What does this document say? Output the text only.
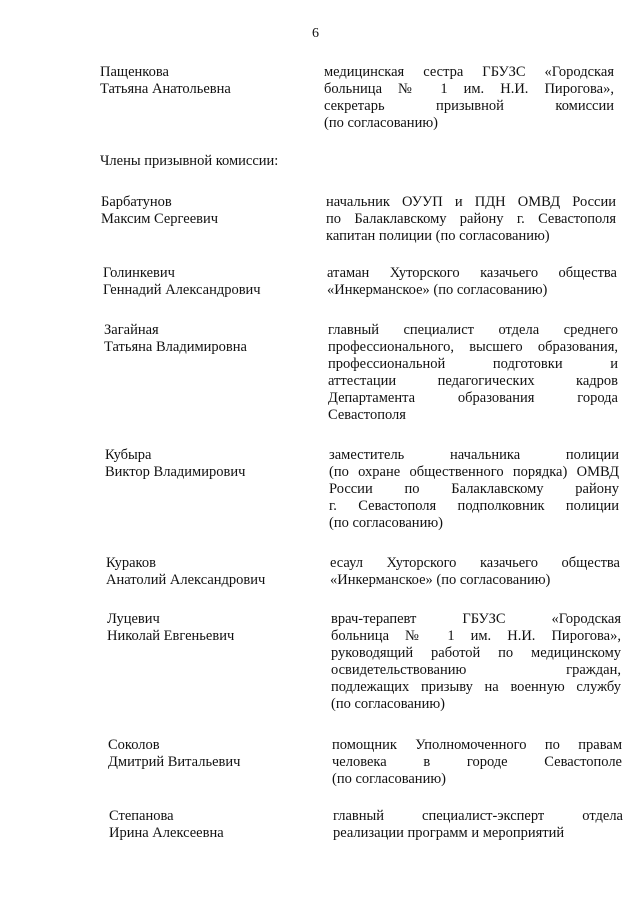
6
Члены призывной комиссии:
Пащенкова
Татьяна Анатольевна
медицинская сестра ГБУЗС «Городская
больница № 1 им. Н.И. Пирогова»,
секретарь призывной комиссии
(по согласованию)
Барбатунов
Максим Сергеевич
начальник ОУУП и ПДН ОМВД России
по Балаклавскому району г. Севастополя
капитан полиции (по согласованию)
Голинкевич
Геннадий Александрович
атаман Хуторского казачьего общества
«Инкерманское» (по согласованию)
Загайная
Татьяна Владимировна
главный специалист отдела среднего
профессионального, высшего образования,
профессиональной подготовки и
аттестации педагогических кадров
Департамента образования города
Севастополя
Кубыра
Виктор Владимирович
заместитель начальника полиции
(по охране общественного порядка) ОМВД
России по Балаклавскому району
г. Севастополя подполковник полиции
(по согласованию)
Кураков
Анатолий Александрович
есаул Хуторского казачьего общества
«Инкерманское» (по согласованию)
Луцевич
Николай Евгеньевич
врач-терапевт ГБУЗС «Городская
больница № 1 им. Н.И. Пирогова»,
руководящий работой по медицинскому
освидетельствованию граждан,
подлежащих призыву на военную службу
(по согласованию)
Соколов
Дмитрий Витальевич
помощник Уполномоченного по правам
человека в городе Севастополе
(по согласованию)
Степанова
Ирина Алексеевна
главный специалист-эксперт отдела
реализации программ и мероприятий
